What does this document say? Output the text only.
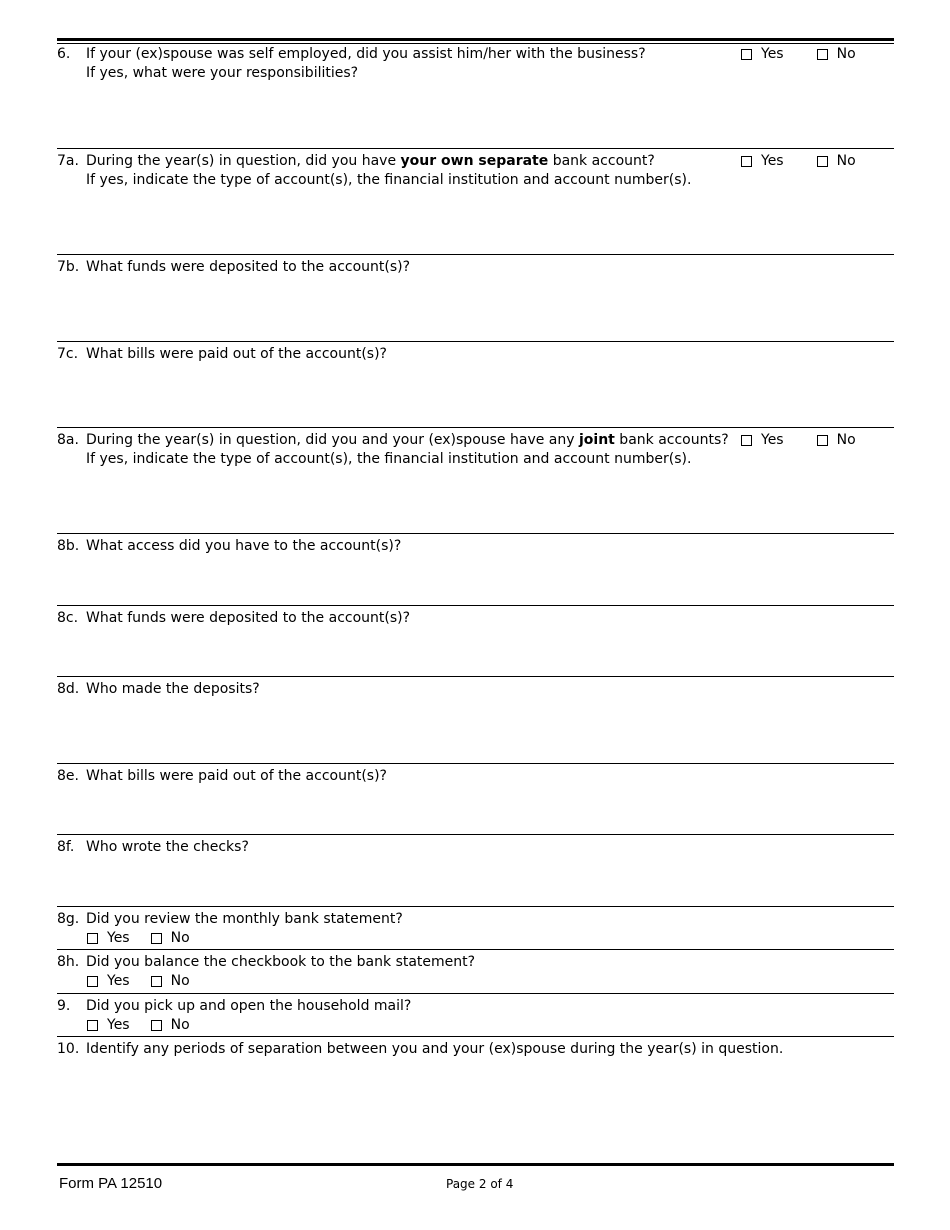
6. If your (ex)spouse was self employed, did you assist him/her with the business?
If yes, what were your responsibilities?
Yes	No
7a. During the year(s) in question, did you have your own separate bank account?
If yes, indicate the type of account(s), the financial institution and account number(s).
Yes	No
7b. What funds were deposited to the account(s)?
7c. What bills were paid out of the account(s)?
8a. During the year(s) in question, did you and your (ex)spouse have any joint bank accounts?
If yes, indicate the type of account(s), the financial institution and account number(s).
Yes	No
8b. What access did you have to the account(s)?
8c. What funds were deposited to the account(s)?
8d. Who made the deposits?
8e. What bills were paid out of the account(s)?
8f. Who wrote the checks?
8g. Did you review the monthly bank statement?
Yes	No
8h. Did you balance the checkbook to the bank statement?
Yes	No
9. Did you pick up and open the household mail?
Yes	No
10. Identify any periods of separation between you and your (ex)spouse during the year(s) in question.
Form PA 12510	Page 2 of 4
